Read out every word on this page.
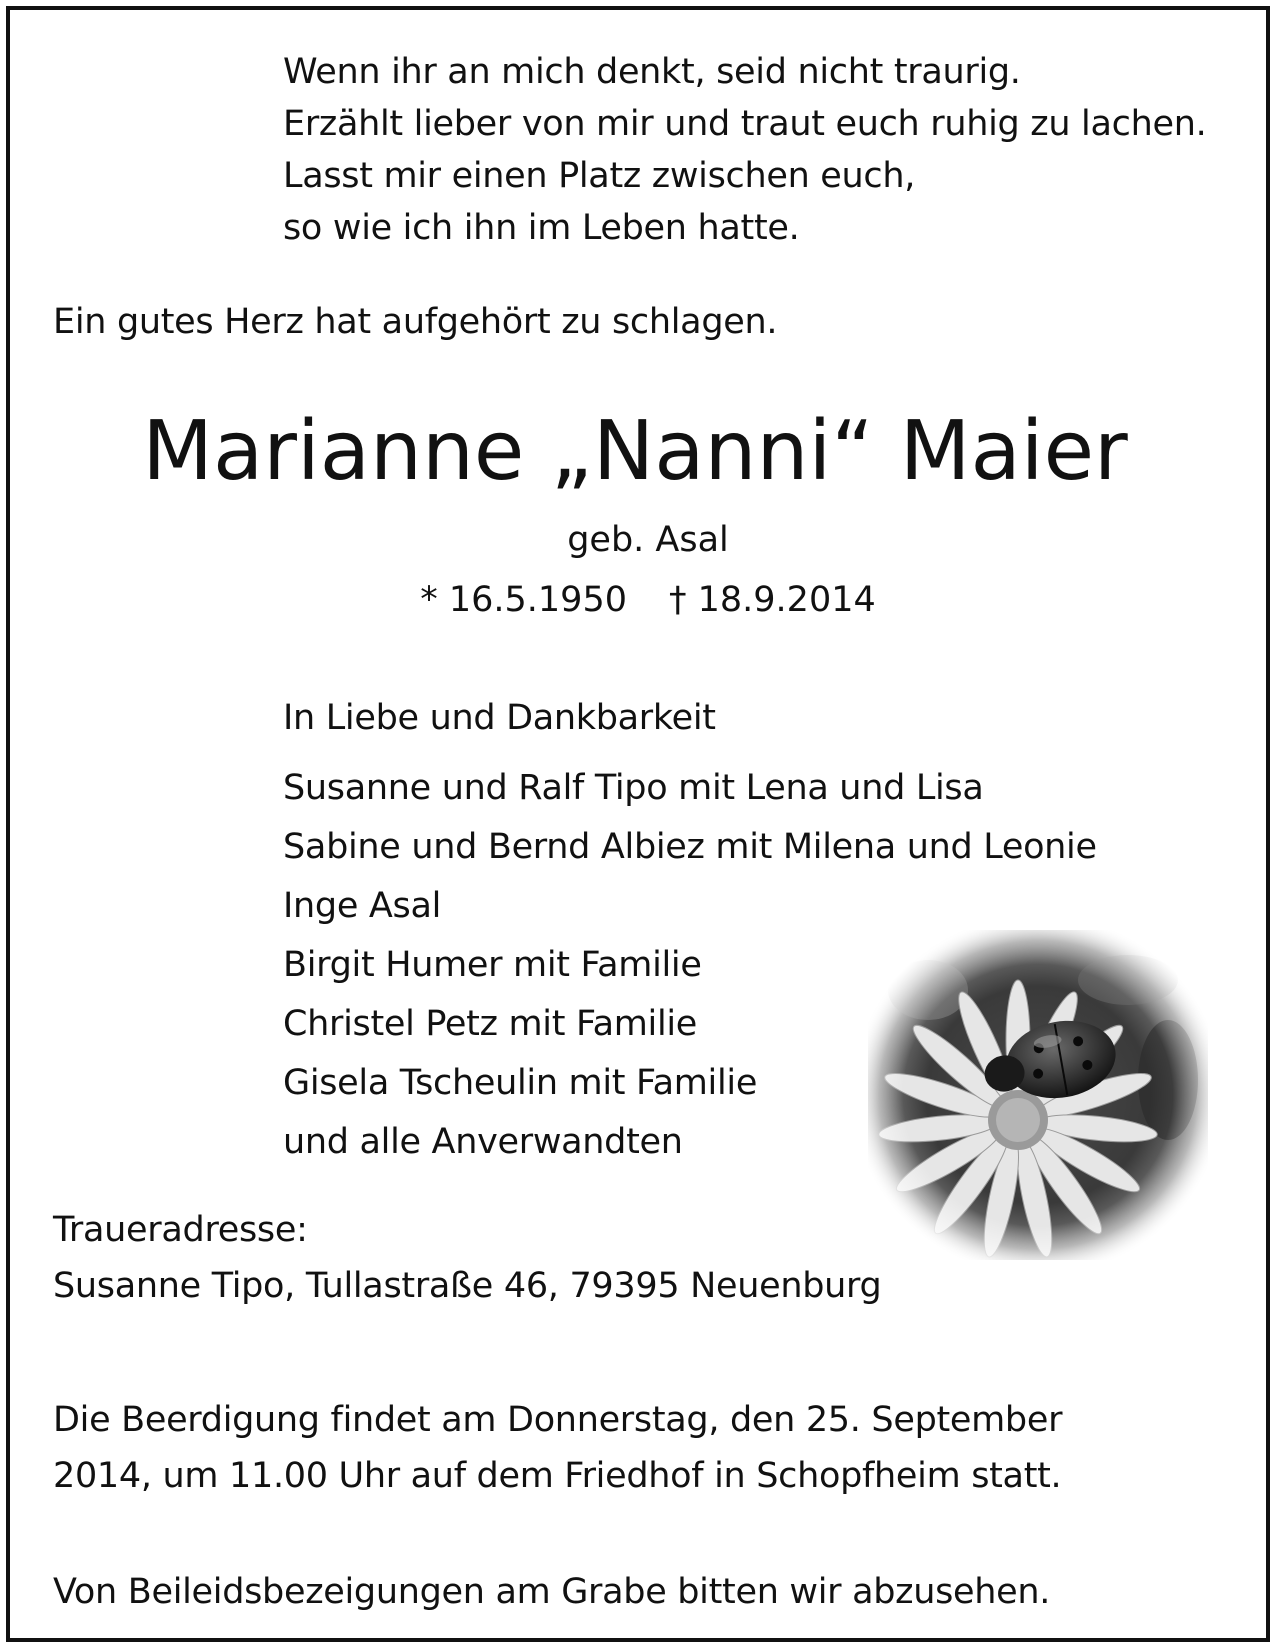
Wenn ihr an mich denkt, seid nicht traurig.
Erzählt lieber von mir und traut euch ruhig zu lachen.
Lasst mir einen Platz zwischen euch,
so wie ich ihn im Leben hatte.
Ein gutes Herz hat aufgehört zu schlagen.
Marianne „Nanni“ Maier
geb. Asal
* 16.5.1950 † 18.9.2014
In Liebe und Dankbarkeit
Susanne und Ralf Tipo mit Lena und Lisa
Sabine und Bernd Albiez mit Milena und Leonie
Inge Asal
Birgit Humer mit Familie
Christel Petz mit Familie
Gisela Tscheulin mit Familie
und alle Anverwandten
Traueradresse:
Susanne Tipo, Tullastraße 46, 79395 Neuenburg
Die Beerdigung findet am Donnerstag, den 25. September
2014, um 11.00 Uhr auf dem Friedhof in Schopfheim statt.
Von Beileidsbezeigungen am Grabe bitten wir abzusehen.
